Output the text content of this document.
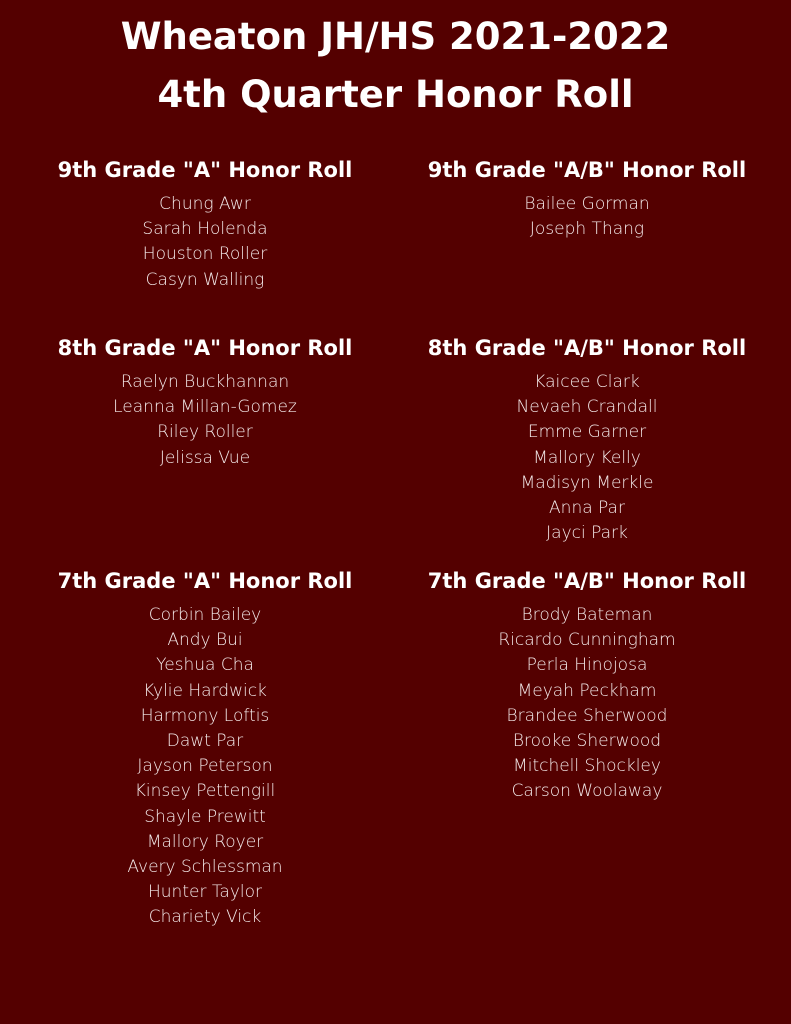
Wheaton JH/HS 2021-2022
4th Quarter Honor Roll
9th Grade "A" Honor Roll
Chung Awr
Sarah Holenda
Houston Roller
Casyn Walling
9th Grade "A/B" Honor Roll
Bailee Gorman
Joseph Thang
8th Grade "A" Honor Roll
Raelyn Buckhannan
Leanna Millan-Gomez
Riley Roller
Jelissa Vue
8th Grade "A/B" Honor Roll
Kaicee Clark
Nevaeh Crandall
Emme Garner
Mallory Kelly
Madisyn Merkle
Anna Par
Jayci Park
7th Grade "A" Honor Roll
Corbin Bailey
Andy Bui
Yeshua Cha
Kylie Hardwick
Harmony Loftis
Dawt Par
Jayson Peterson
Kinsey Pettengill
Shayle Prewitt
Mallory Royer
Avery Schlessman
Hunter Taylor
Chariety Vick
7th Grade "A/B" Honor Roll
Brody Bateman
Ricardo Cunningham
Perla Hinojosa
Meyah Peckham
Brandee Sherwood
Brooke Sherwood
Mitchell Shockley
Carson Woolaway
